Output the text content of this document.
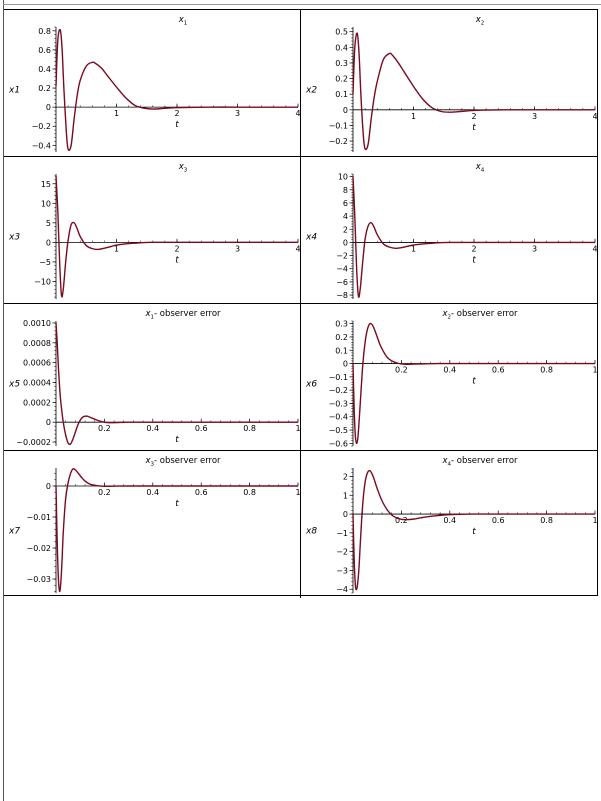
$x_1$
x1
−0.4
−0.2
0
0.2
0.4
0.6
0.8
1	2	3	4
t
$x_2$
x2
−0.2
−0.1
0
0.1
0.2
0.3
0.4
0.5
1	2	3	4
t
$x_3$
x3
−10
−5
0
5
10
15
1	2	3	4
t
$x_4$
x4
−8
−6
−4
−2
0
2
4
6
8
10
1	2	3	4
t
$x_1-$ observer error
x5
−0.0002
0
0.0002
0.0004
0.0006
0.0008
0.0010
0.2	0.4	0.6	0.8	1
t
$x_2-$ observer error
x6
−0.6
−0.5
−0.4
−0.3
−0.2
−0.1
0
0.1
0.2
0.3
0.2	0.4	0.6	0.8	1
t
$x_3-$ observer error
x7
−0.03
−0.02
−0.01
0
0.2	0.4	0.6	0.8	1
t
$x_4-$ observer error
x8
−4
−3
−2
−1
0
1
2
0.2	0.4	0.6	0.8	1
t
